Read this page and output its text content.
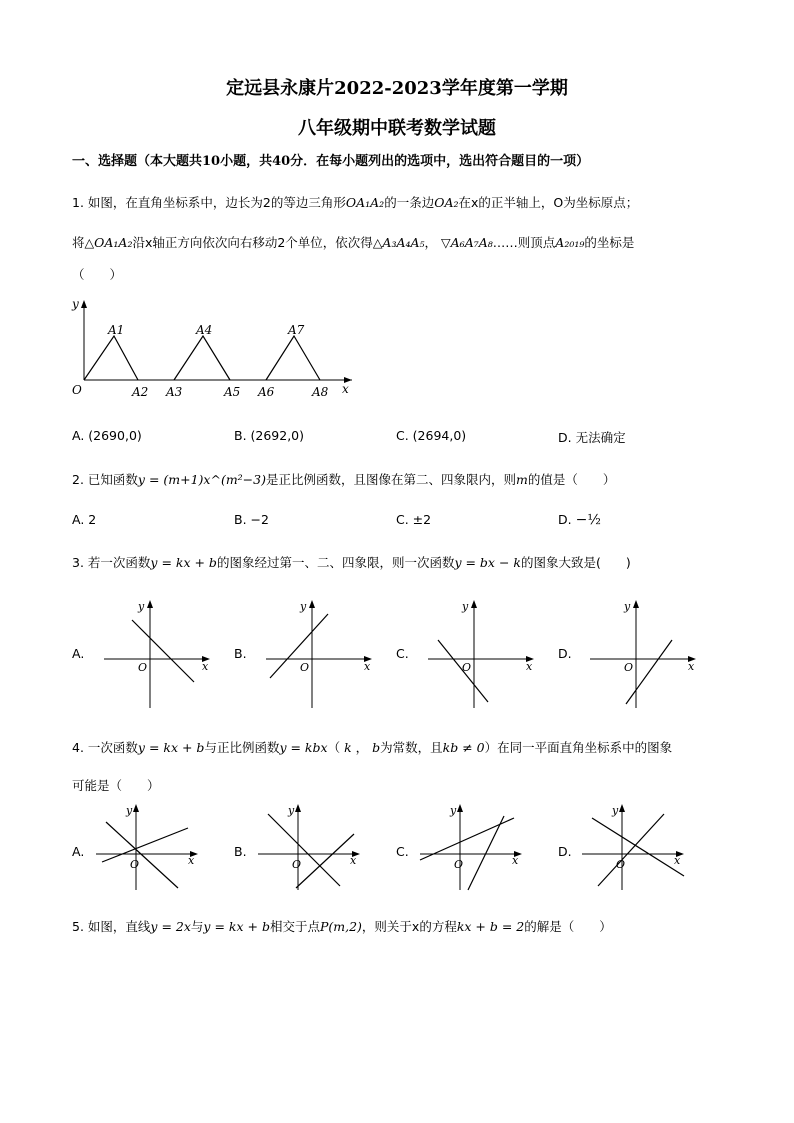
定远县永康片2022-2023学年度第一学期
八年级期中联考数学试题
一、选择题（本大题共10小题，共40分．在每小题列出的选项中，选出符合题目的一项）
1. 如图，在直角坐标系中，边长为2的等边三角形OA₁A₂的一条边OA₂在x的正半轴上，O为坐标原点；
将△OA₁A₂沿x轴正方向依次向右移动2个单位，依次得△A₃A₄A₅， ▽A₆A₇A₈……则顶点A₂₀₁₉的坐标是
（　　）
y
A1	A4	A7
O	A2 A3	A5 A6	A8 x
A. (2690,0)	B. (2692,0)	C. (2694,0)	D. 无法确定
2. 已知函数y = (m+1)x^(m²−3)是正比例函数，且图像在第二、四象限内，则m的值是（　　）
A. 2	B. −2	C. ±2	D. −½
3. 若一次函数y = kx + b的图象经过第一、二、四象限，则一次函数y = bx − k的图象大致是(　　)
A.	B.	C.	D.
y
O	x
y
O	x
y
O	x
y
O	x
4. 一次函数y = kx + b与正比例函数y = kbx（ k ， b为常数，且kb ≠ 0）在同一平面直角坐标系中的图象
可能是（　　）
A.	B.	C.	D.
y
O	x
y
O	x
y
O	x
y
O	x
5. 如图，直线y = 2x与y = kx + b相交于点P(m,2)，则关于x的方程kx + b = 2的解是（　　）
